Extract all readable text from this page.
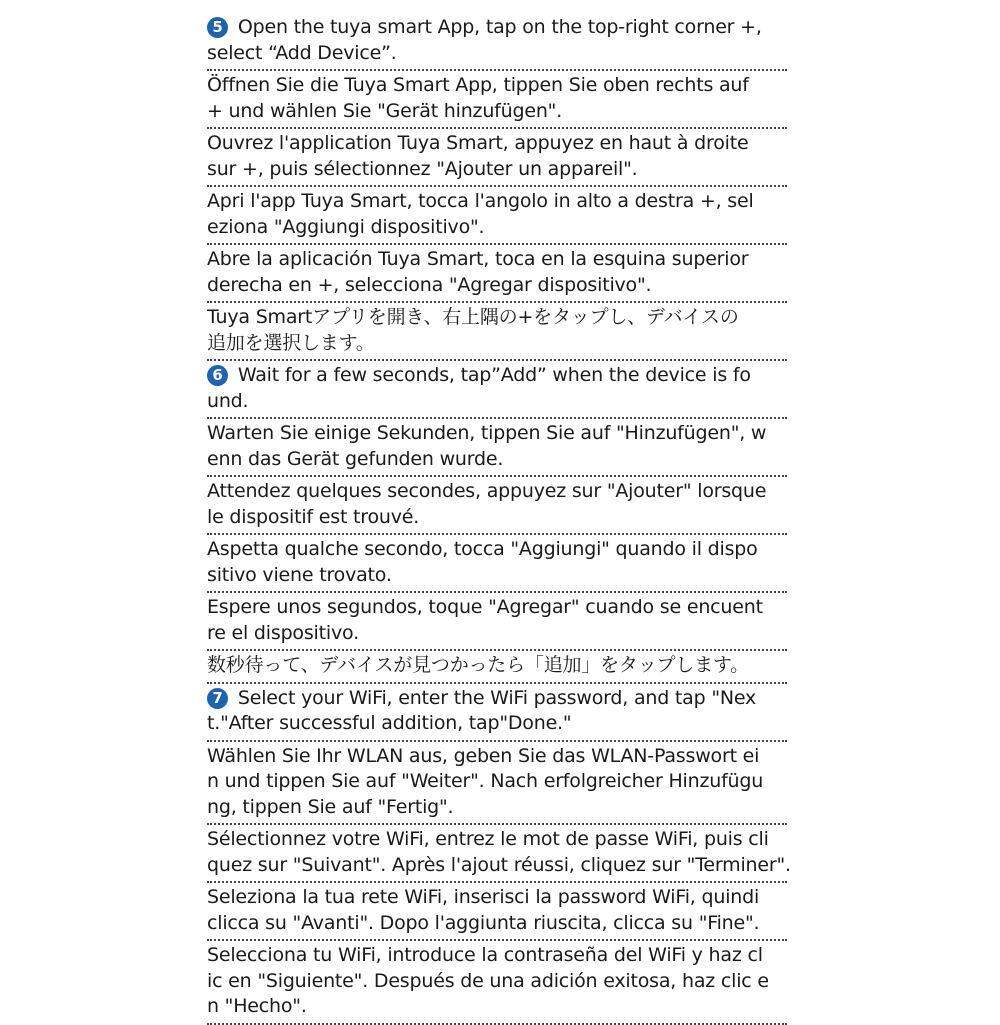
5 Open the tuya smart App, tap on the top-right corner +,
select “Add Device”.
Öffnen Sie die Tuya Smart App, tippen Sie oben rechts auf
+ und wählen Sie "Gerät hinzufügen".
Ouvrez l'application Tuya Smart, appuyez en haut à droite
sur +, puis sélectionnez "Ajouter un appareil".
Apri l'app Tuya Smart, tocca l'angolo in alto a destra +, sel
eziona "Aggiungi dispositivo".
Abre la aplicación Tuya Smart, toca en la esquina superior
derecha en +, selecciona "Agregar dispositivo".
Tuya Smartアプリを開き、右上隅の+をタップし、デバイスの
追加を選択します。
6 Wait for a few seconds, tap”Add” when the device is fo
und.
Warten Sie einige Sekunden, tippen Sie auf "Hinzufügen", w
enn das Gerät gefunden wurde.
Attendez quelques secondes, appuyez sur "Ajouter" lorsque
le dispositif est trouvé.
Aspetta qualche secondo, tocca "Aggiungi" quando il dispo
sitivo viene trovato.
Espere unos segundos, toque "Agregar" cuando se encuent
re el dispositivo.
数秒待って、デバイスが見つかったら「追加」をタップします。
7 Select your WiFi, enter the WiFi password, and tap "Nex
t."After successful addition, tap"Done."
Wählen Sie Ihr WLAN aus, geben Sie das WLAN-Passwort ei
n und tippen Sie auf "Weiter". Nach erfolgreicher Hinzufügu
ng, tippen Sie auf "Fertig".
Sélectionnez votre WiFi, entrez le mot de passe WiFi, puis cli
quez sur "Suivant". Après l'ajout réussi, cliquez sur "Terminer".
Seleziona la tua rete WiFi, inserisci la password WiFi, quindi
clicca su "Avanti". Dopo l'aggiunta riuscita, clicca su "Fine".
Selecciona tu WiFi, introduce la contraseña del WiFi y haz cl
ic en "Siguiente". Después de una adición exitosa, haz clic e
n "Hecho".
